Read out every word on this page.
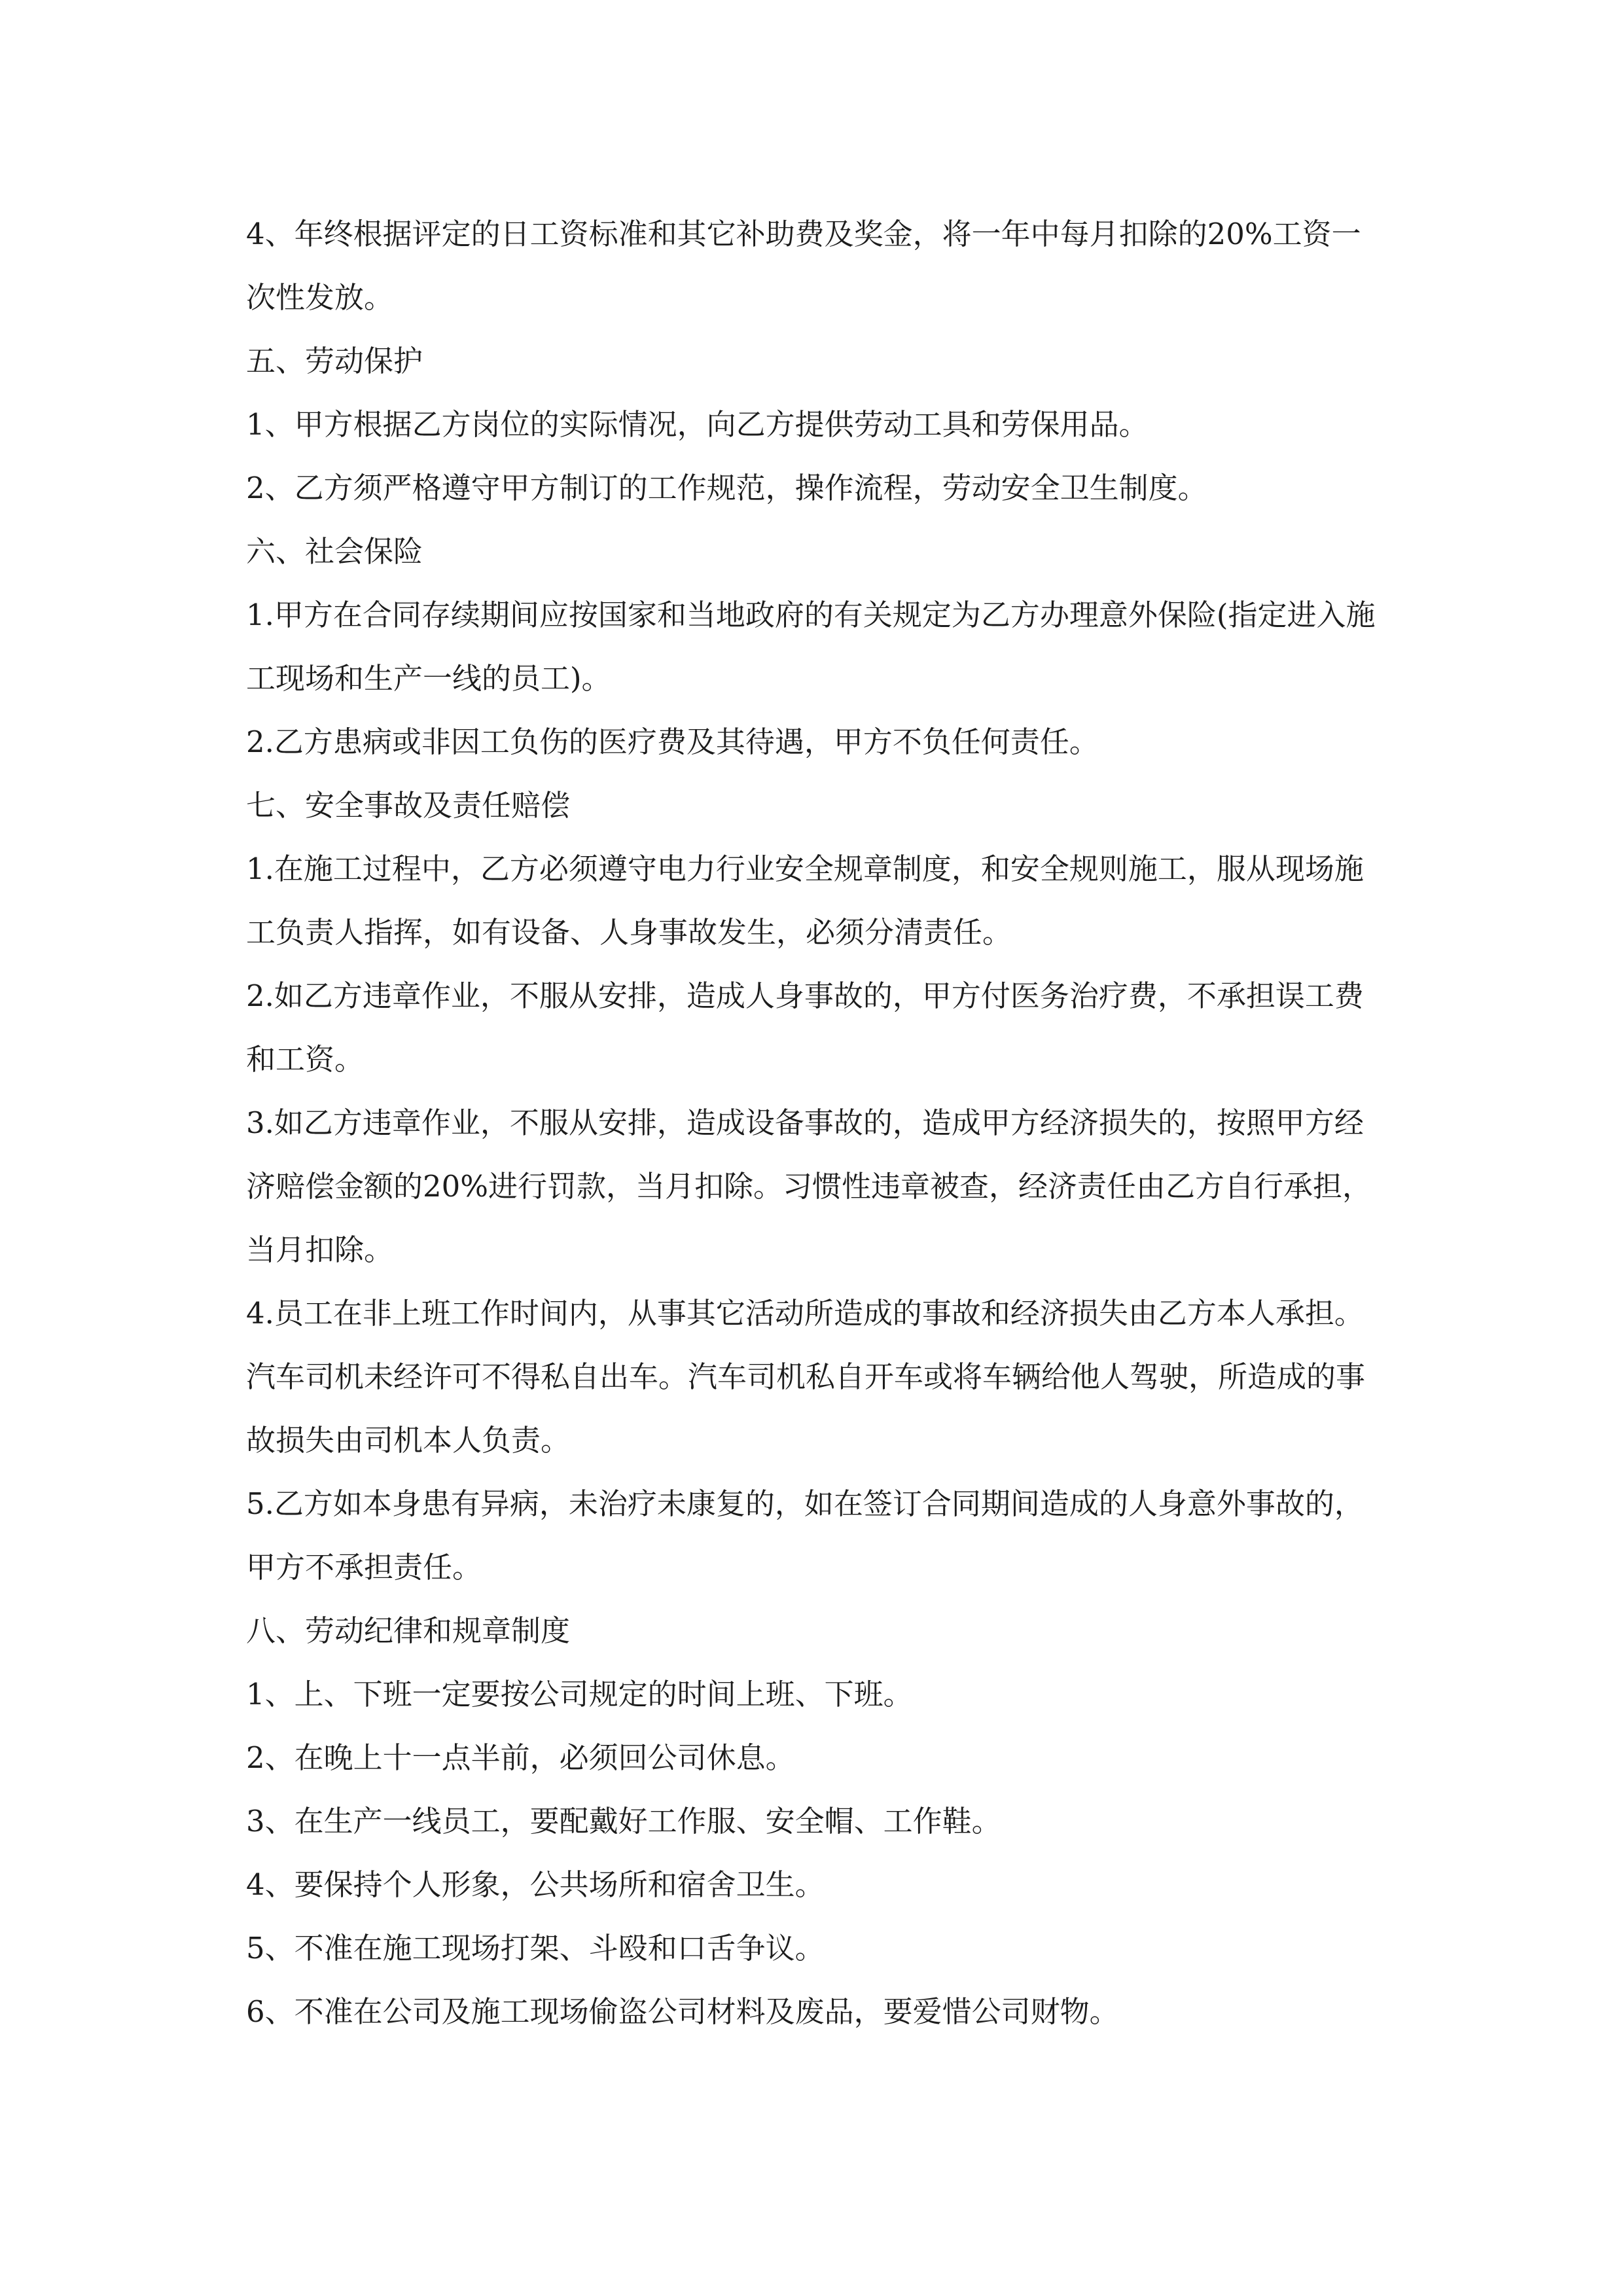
4、年终根据评定的日工资标准和其它补助费及奖金，将一年中每月扣除的20%工资一次性发放。

五、劳动保护

1、甲方根据乙方岗位的实际情况，向乙方提供劳动工具和劳保用品。

2、乙方须严格遵守甲方制订的工作规范，操作流程，劳动安全卫生制度。

六、社会保险

1.甲方在合同存续期间应按国家和当地政府的有关规定为乙方办理意外保险(指定进入施工现场和生产一线的员工)。

2.乙方患病或非因工负伤的医疗费及其待遇，甲方不负任何责任。

七、安全事故及责任赔偿

1.在施工过程中，乙方必须遵守电力行业安全规章制度，和安全规则施工，服从现场施工负责人指挥，如有设备、人身事故发生，必须分清责任。

2.如乙方违章作业，不服从安排，造成人身事故的，甲方付医务治疗费，不承担误工费和工资。

3.如乙方违章作业，不服从安排，造成设备事故的，造成甲方经济损失的，按照甲方经济赔偿金额的20%进行罚款，当月扣除。习惯性违章被查，经济责任由乙方自行承担，当月扣除。

4.员工在非上班工作时间内，从事其它活动所造成的事故和经济损失由乙方本人承担。汽车司机未经许可不得私自出车。汽车司机私自开车或将车辆给他人驾驶，所造成的事故损失由司机本人负责。

5.乙方如本身患有异病，未治疗未康复的，如在签订合同期间造成的人身意外事故的，甲方不承担责任。

八、劳动纪律和规章制度

1、上、下班一定要按公司规定的时间上班、下班。

2、在晚上十一点半前，必须回公司休息。

3、在生产一线员工，要配戴好工作服、安全帽、工作鞋。

4、要保持个人形象，公共场所和宿舍卫生。

5、不准在施工现场打架、斗殴和口舌争议。

6、不准在公司及施工现场偷盗公司材料及废品，要爱惜公司财物。
